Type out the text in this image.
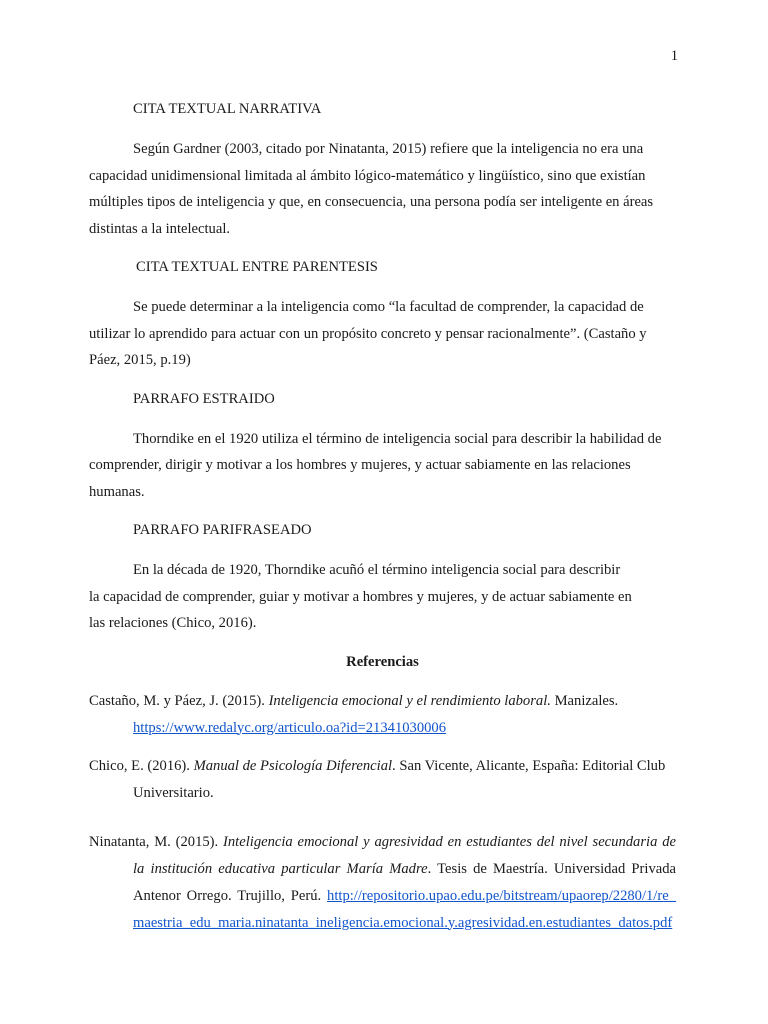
1
CITA TEXTUAL NARRATIVA

Según Gardner (2003, citado por Ninatanta, 2015) refiere que la inteligencia no era una capacidad unidimensional limitada al ámbito lógico-matemático y lingüístico, sino que existían múltiples tipos de inteligencia y que, en consecuencia, una persona podía ser inteligente en áreas distintas a la intelectual.

CITA TEXTUAL ENTRE PARENTESIS

Se puede determinar a la inteligencia como “la facultad de comprender, la capacidad de utilizar lo aprendido para actuar con un propósito concreto y pensar racionalmente”. (Castaño y Páez, 2015, p.19)

PARRAFO ESTRAIDO

Thorndike en el 1920 utiliza el término de inteligencia social para describir la habilidad de comprender, dirigir y motivar a los hombres y mujeres, y actuar sabiamente en las relaciones humanas.

PARRAFO PARIFRASEADO

En la década de 1920, Thorndike acuñó el término inteligencia social para describir
la capacidad de comprender, guiar y motivar a hombres y mujeres, y de actuar sabiamente en
las relaciones (Chico, 2016).

Referencias
Castaño, M. y Páez, J. (2015). Inteligencia emocional y el rendimiento laboral. Manizales.
https://www.redalyc.org/articulo.oa?id=21341030006
Chico, E. (2016). Manual de Psicología Diferencial. San Vicente, Alicante, España: Editorial Club Universitario.
Ninatanta, M. (2015). Inteligencia emocional y agresividad en estudiantes del nivel secundaria de la institución educativa particular María Madre. Tesis de Maestría. Universidad Privada Antenor Orrego. Trujillo, Perú. http://repositorio.upao.edu.pe/bitstream/upaorep/2280/1/re_maestria_edu_maria.ninatanta_ineligencia.emocional.y.agresividad.en.estudiantes_datos.pdf
